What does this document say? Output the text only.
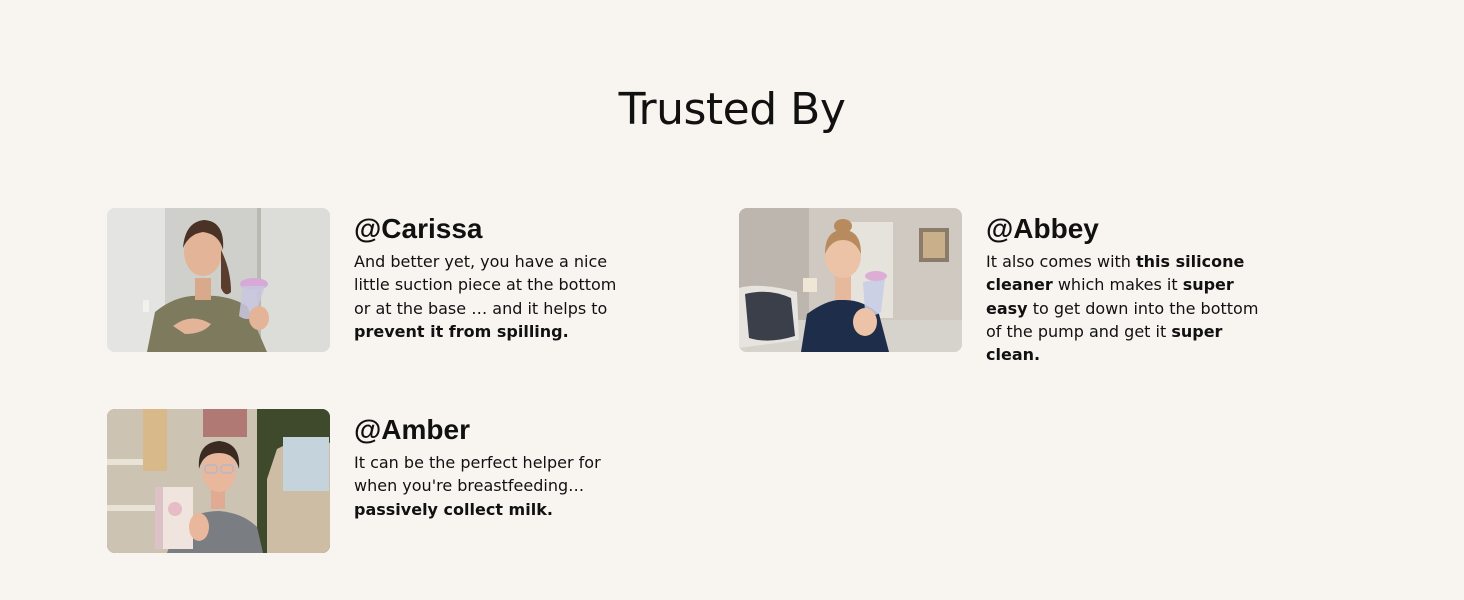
Trusted By
@Carissa

And better yet, you have a nice little suction piece at the bottom or at the base … and it helps to prevent it from spilling.

@Abbey

It also comes with this silicone cleaner which makes it super easy to get down into the bottom of the pump and get it super clean.

@Amber

It can be the perfect helper for when you're breastfeeding…passively collect milk.
